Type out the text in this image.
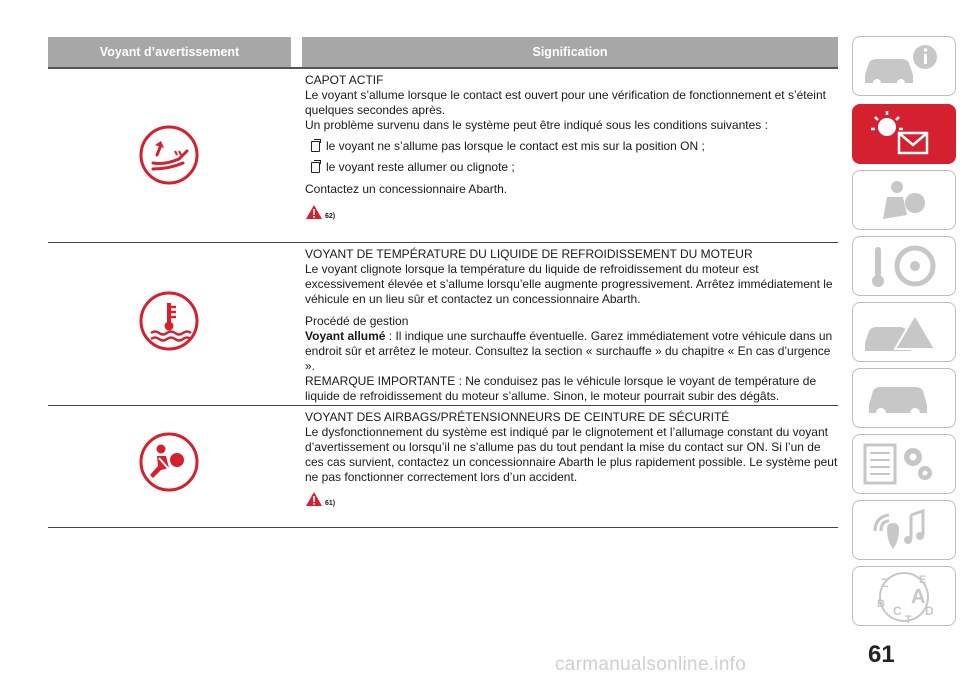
Voyant d’avertissement	Signification

CAPOT ACTIF

Le voyant s’allume lorsque le contact est ouvert pour une vérification de fonctionnement et s’éteint quelques secondes après.

Un problème survenu dans le système peut être indiqué sous les conditions suivantes :

le voyant ne s’allume pas lorsque le contact est mis sur la position ON ;
le voyant reste allumer ou clignote ;

Contactez un concessionnaire Abarth.

62)

VOYANT DE TEMPÉRATURE DU LIQUIDE DE REFROIDISSEMENT DU MOTEUR

Le voyant clignote lorsque la température du liquide de refroidissement du moteur est excessivement élevée et s’allume lorsqu’elle augmente progressivement. Arrêtez immédiatement le véhicule en un lieu sûr et contactez un concessionnaire Abarth.

Procédé de gestion

Voyant allumé : Il indique une surchauffe éventuelle. Garez immédiatement votre véhicule dans un endroit sûr et arrêtez le moteur. Consultez la section « surchauffe » du chapitre « En cas d’urgence ».

REMARQUE IMPORTANTE : Ne conduisez pas le véhicule lorsque le voyant de température de liquide de refroidissement du moteur s’allume. Sinon, le moteur pourrait subir des dégâts.

VOYANT DES AIRBAGS/PRÉTENSIONNEURS DE CEINTURE DE SÉCURITÉ

Le dysfonctionnement du système est indiqué par le clignotement et l’allumage constant du voyant d’avertissement ou lorsqu’il ne s’allume pas du tout pendant la mise du contact sur ON. Si l’un de ces cas survient, contactez un concessionnaire Abarth le plus rapidement possible. Le système peut ne pas fonctionner correctement lors d’un accident.

61)
Z	E
B A
C
T
D
61
carmanualsonline.info
